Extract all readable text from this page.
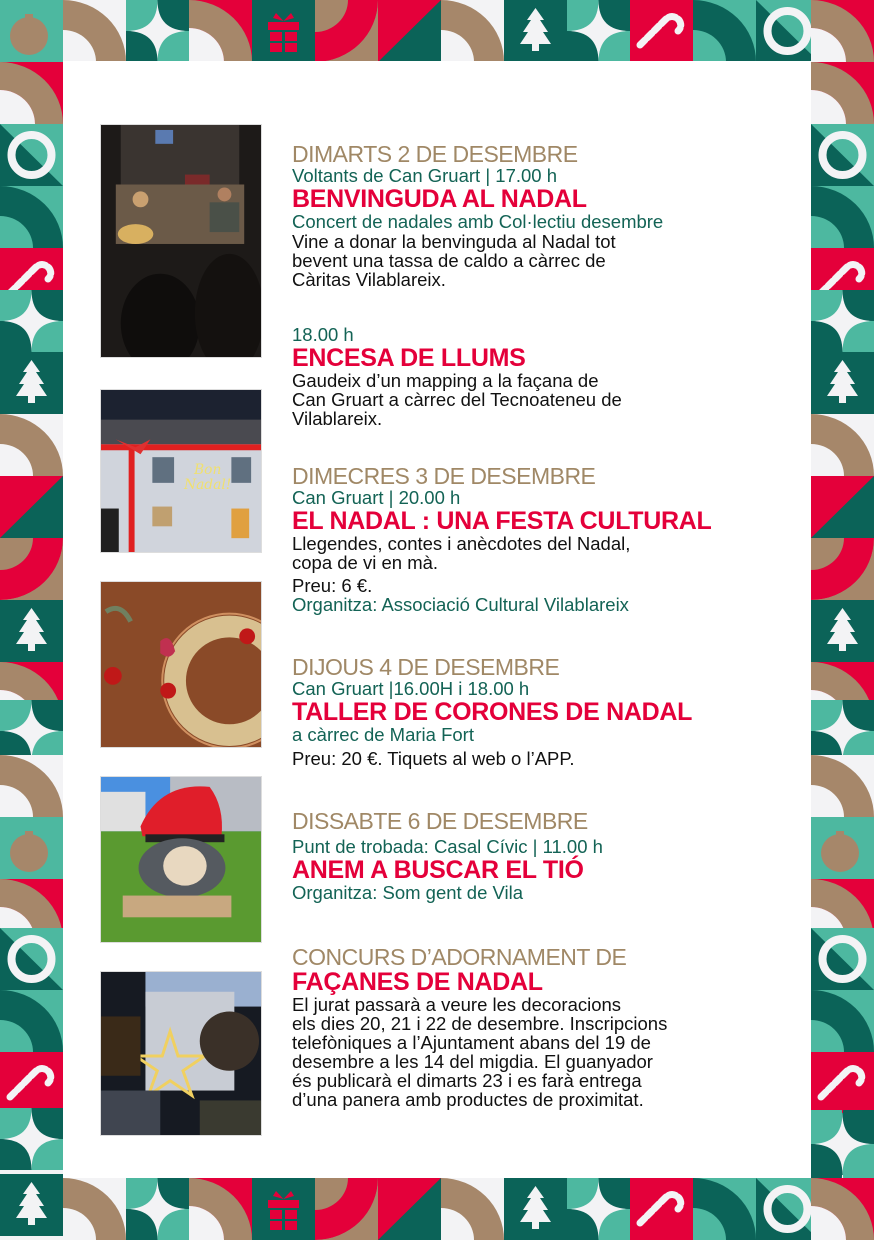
Bon
Nadal!
DIMARTS 2 DE DESEMBRE
Voltants de Can Gruart | 17.00 h
BENVINGUDA AL NADAL
Concert de nadales amb Col·lectiu desembre
Vine a donar la benvinguda al Nadal tot
bevent una tassa de caldo a càrrec de
Càritas Vilablareix.
18.00 h
ENCESA DE LLUMS
Gaudeix d’un mapping a la façana de
Can Gruart a càrrec del Tecnoateneu de
Vilablareix.
DIMECRES 3 DE DESEMBRE
Can Gruart | 20.00 h
EL NADAL : UNA FESTA CULTURAL
Llegendes, contes i anècdotes del Nadal,
copa de vi en mà.
Preu: 6 €.
Organitza: Associació Cultural Vilablareix
DIJOUS 4 DE DESEMBRE
Can Gruart |16.00H i 18.00 h
TALLER DE CORONES DE NADAL
a càrrec de Maria Fort
Preu: 20 €. Tiquets al web o l’APP.
DISSABTE 6 DE DESEMBRE
Punt de trobada: Casal Cívic | 11.00 h
ANEM A BUSCAR EL TIÓ
Organitza: Som gent de Vila
CONCURS D’ADORNAMENT DE
FAÇANES DE NADAL
El jurat passarà a veure les decoracions
els dies 20, 21 i 22 de desembre. Inscripcions
telefòniques a l’Ajuntament abans del 19 de
desembre a les 14 del migdia. El guanyador
és publicarà el dimarts 23 i es farà entrega
d’una panera amb productes de proximitat.
